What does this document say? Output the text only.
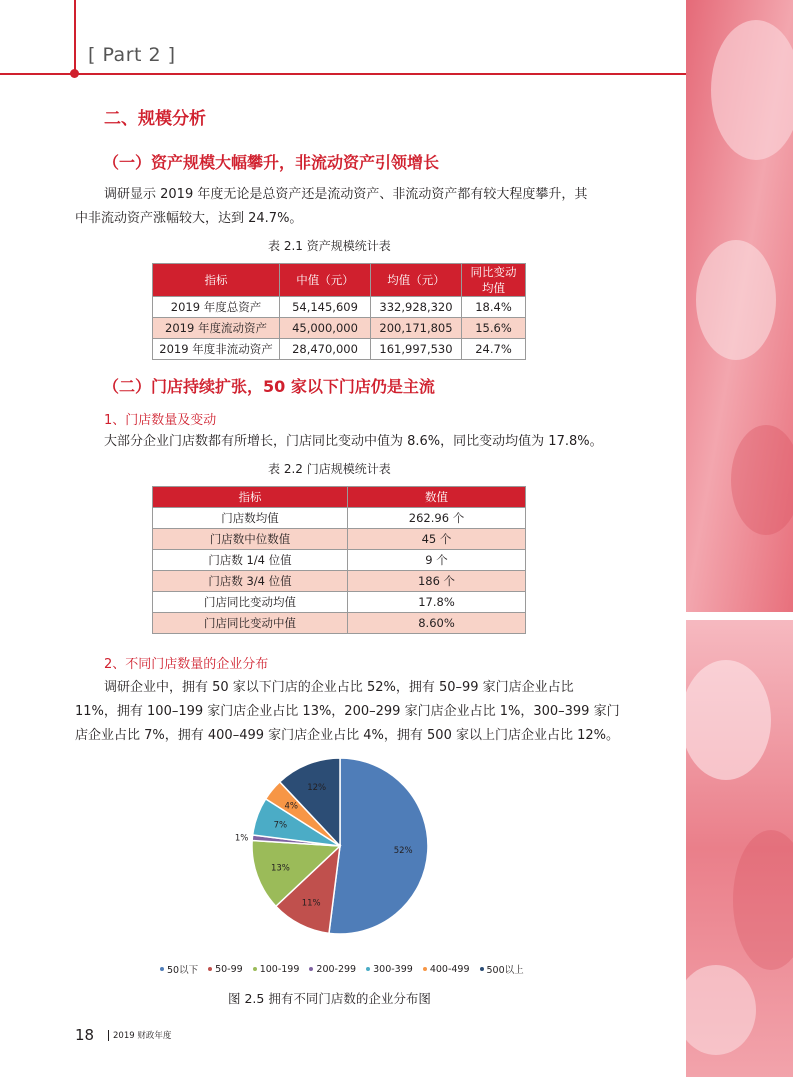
[ Part 2 ]
二、规模分析
（一）资产规模大幅攀升，非流动资产引领增长
调研显示 2019 年度无论是总资产还是流动资产、非流动资产都有较大程度攀升，其
中非流动资产涨幅较大，达到 24.7%。
表 2.1 资产规模统计表
指标	中值（元）	均值（元）	同比变动均值
2019 年度总资产	54,145,609	332,928,320	18.4%
2019 年度流动资产	45,000,000	200,171,805	15.6%
2019 年度非流动资产	28,470,000	161,997,530	24.7%
（二）门店持续扩张，50 家以下门店仍是主流
1、门店数量及变动
大部分企业门店数都有所增长，门店同比变动中值为 8.6%，同比变动均值为 17.8%。
表 2.2 门店规模统计表
指标	数值
门店数均值	262.96 个
门店数中位数值	45 个
门店数 1/4 位值	9 个
门店数 3/4 位值	186 个
门店同比变动均值	17.8%
门店同比变动中值	8.60%
2、不同门店数量的企业分布
调研企业中，拥有 50 家以下门店的企业占比 52%，拥有 50–99 家门店企业占比
11%，拥有 100–199 家门店企业占比 13%，200–299 家门店企业占比 1%，300–399 家门
店企业占比 7%，拥有 400–499 家门店企业占比 4%，拥有 500 家以上门店企业占比 12%。
52%
11%
13%
1%
7%
4%
12%
50以下 50-99 100-199 200-299 300-399 400-499 500以上
图 2.5 拥有不同门店数的企业分布图
18 2019 财政年度
